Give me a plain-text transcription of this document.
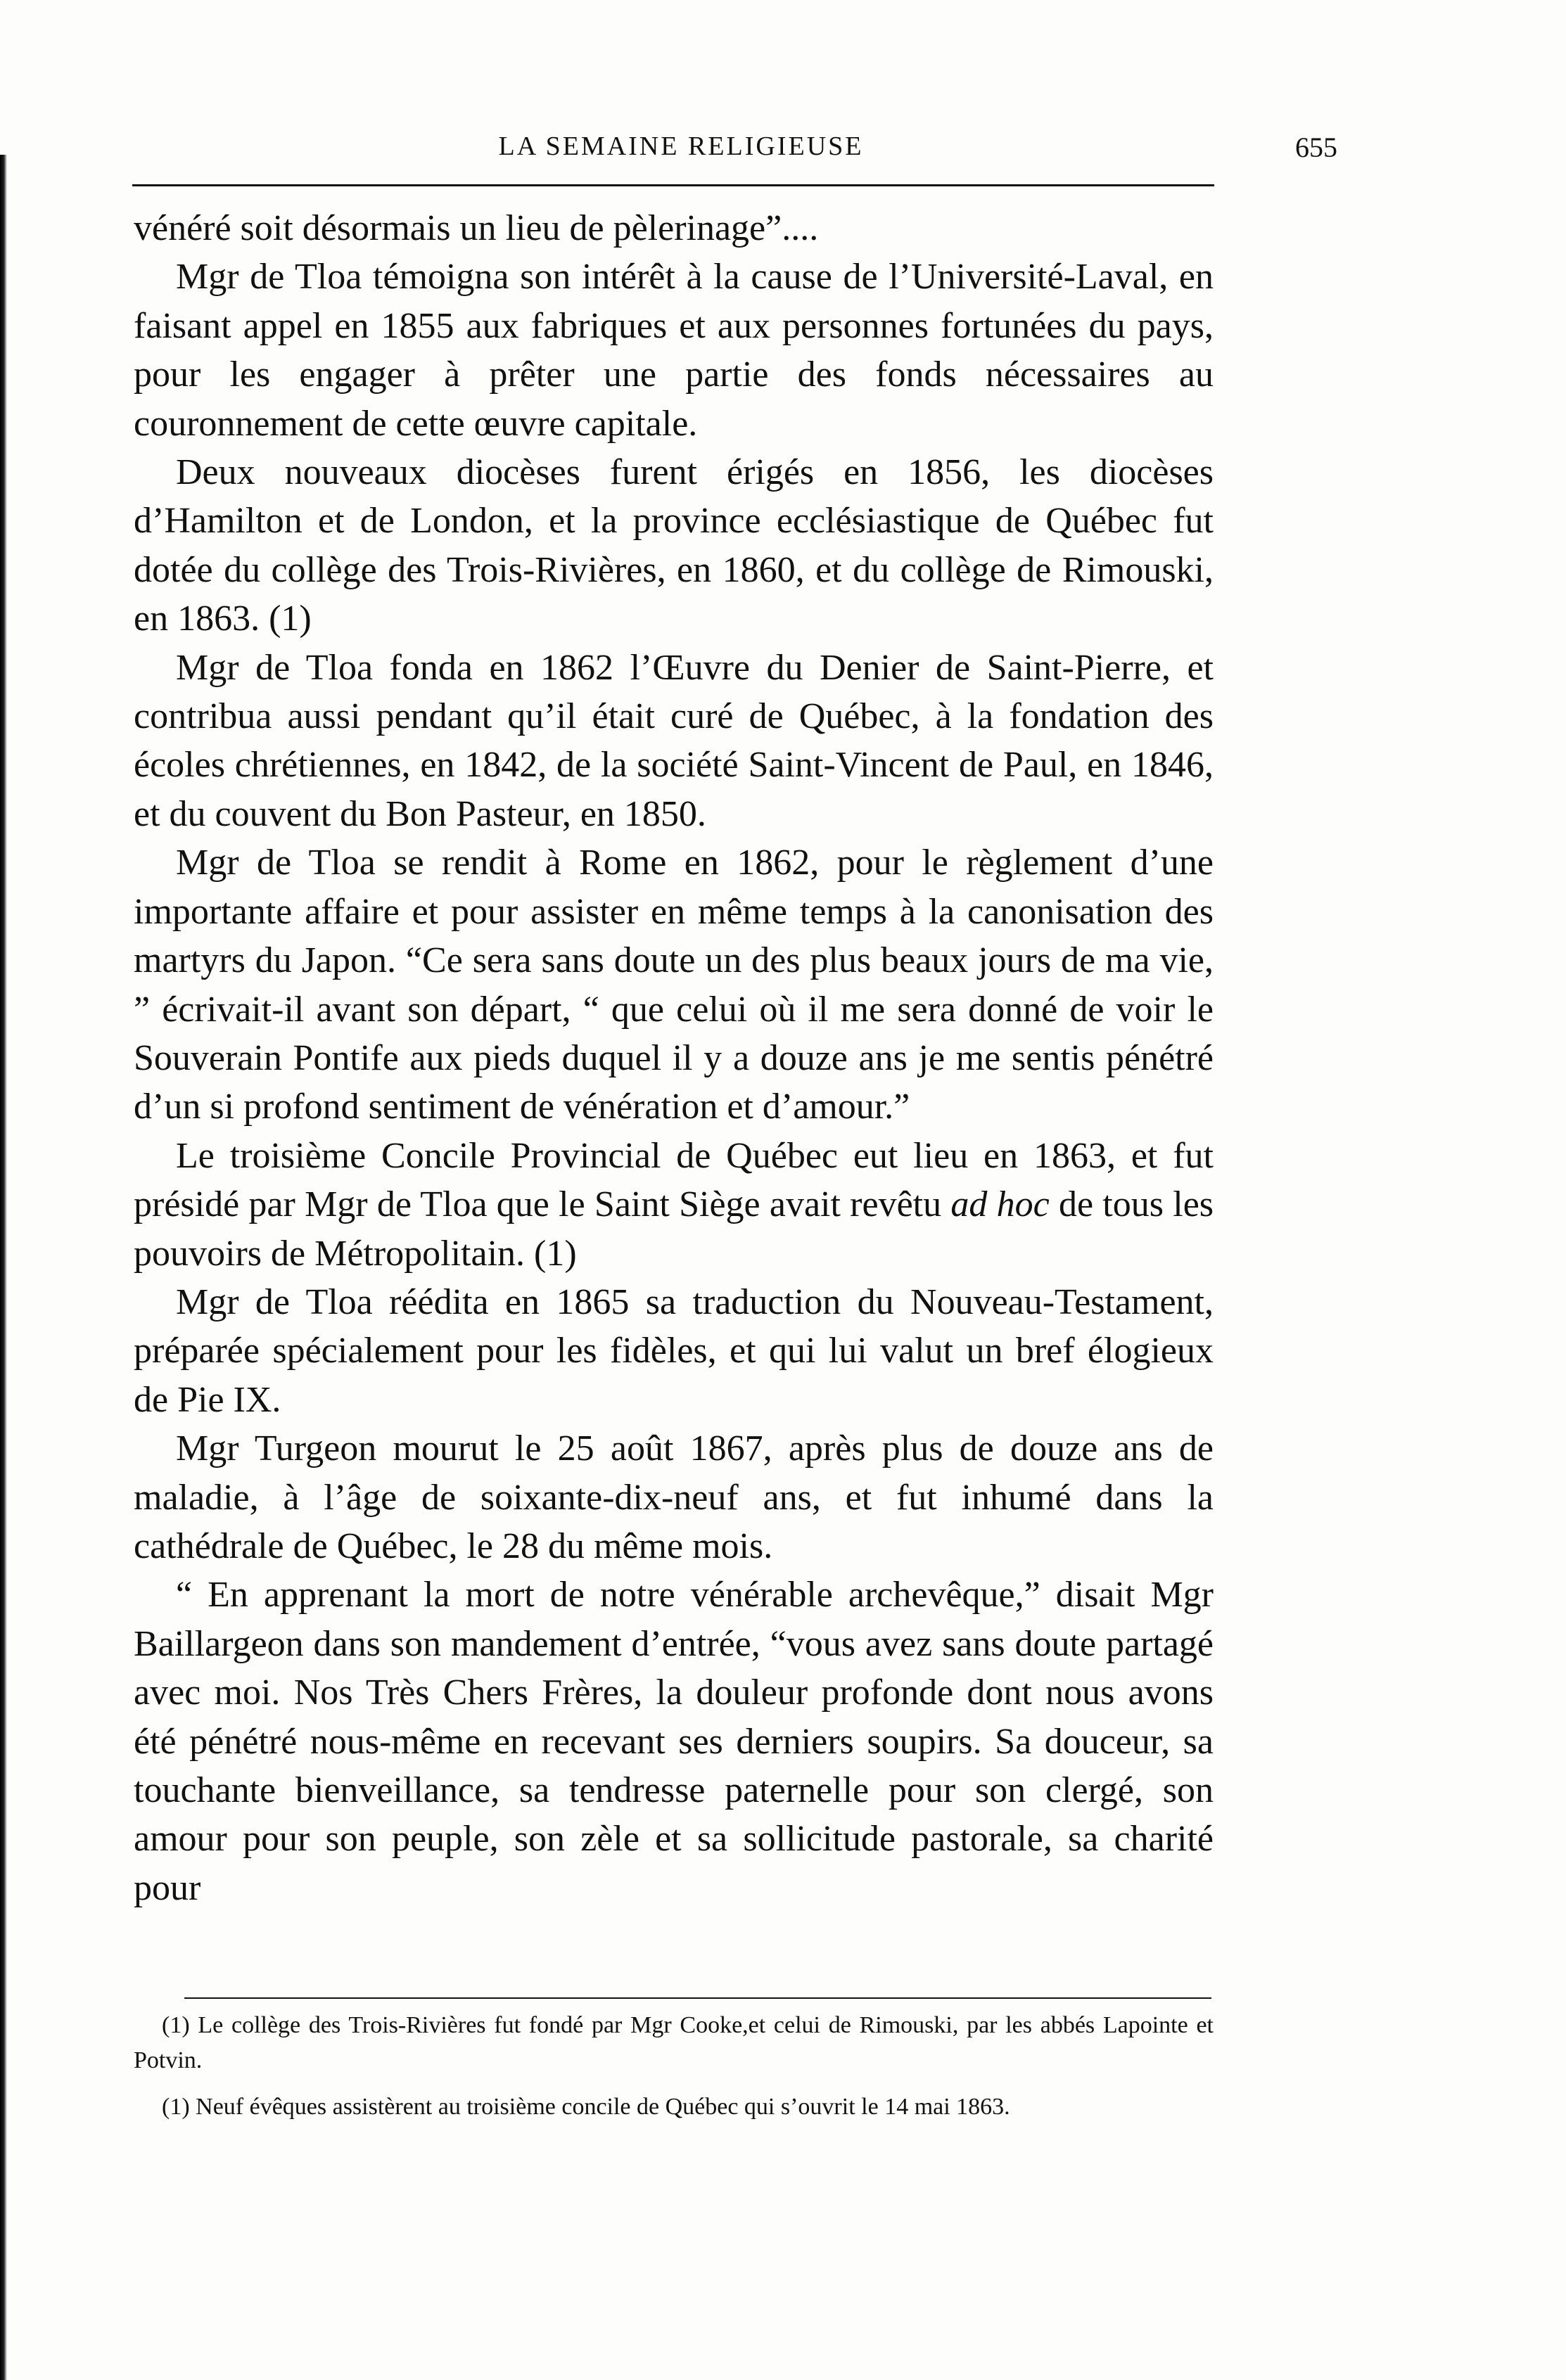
LA SEMAINE RELIGIEUSE	655

vénéré soit désormais un lieu de pèlerinage”....

Mgr de Tloa témoigna son intérêt à la cause de l’Université-Laval, en faisant appel en 1855 aux fabriques et aux personnes fortunées du pays, pour les engager à prêter une partie des fonds nécessaires au couronnement de cette œuvre capitale.

Deux nouveaux diocèses furent érigés en 1856, les diocèses d’Hamilton et de London, et la province ecclésiastique de Québec fut dotée du collège des Trois-Rivières, en 1860, et du collège de Rimouski, en 1863. (1)

Mgr de Tloa fonda en 1862 l’Œuvre du Denier de Saint-Pierre, et contribua aussi pendant qu’il était curé de Québec, à la fondation des écoles chrétiennes, en 1842, de la société Saint-Vincent de Paul, en 1846, et du couvent du Bon Pasteur, en 1850.

Mgr de Tloa se rendit à Rome en 1862, pour le règlement d’une importante affaire et pour assister en même temps à la canonisation des martyrs du Japon. “Ce sera sans doute un des plus beaux jours de ma vie, ” écrivait-il avant son départ, “ que celui où il me sera donné de voir le Souverain Pontife aux pieds duquel il y a douze ans je me sentis pénétré d’un si profond sentiment de vénération et d’amour.”

Le troisième Concile Provincial de Québec eut lieu en 1863, et fut présidé par Mgr de Tloa que le Saint Siège avait revêtu ad hoc de tous les pouvoirs de Métropolitain. (1)

Mgr de Tloa réédita en 1865 sa traduction du Nouveau-Testament, préparée spécialement pour les fidèles, et qui lui valut un bref élogieux de Pie IX.

Mgr Turgeon mourut le 25 août 1867, après plus de douze ans de maladie, à l’âge de soixante-dix-neuf ans, et fut inhumé dans la cathédrale de Québec, le 28 du même mois.

“ En apprenant la mort de notre vénérable archevêque,” disait Mgr Baillargeon dans son mandement d’entrée, “vous avez sans doute partagé avec moi. Nos Très Chers Frères, la douleur profonde dont nous avons été pénétré nous-même en recevant ses derniers soupirs. Sa douceur, sa touchante bienveillance, sa tendresse paternelle pour son clergé, son amour pour son peuple, son zèle et sa sollicitude pastorale, sa charité pour

(1) Le collège des Trois-Rivières fut fondé par Mgr Cooke,et celui de Rimouski, par les abbés Lapointe et Potvin.

(1) Neuf évêques assistèrent au troisième concile de Québec qui s’ouvrit le 14 mai 1863.
